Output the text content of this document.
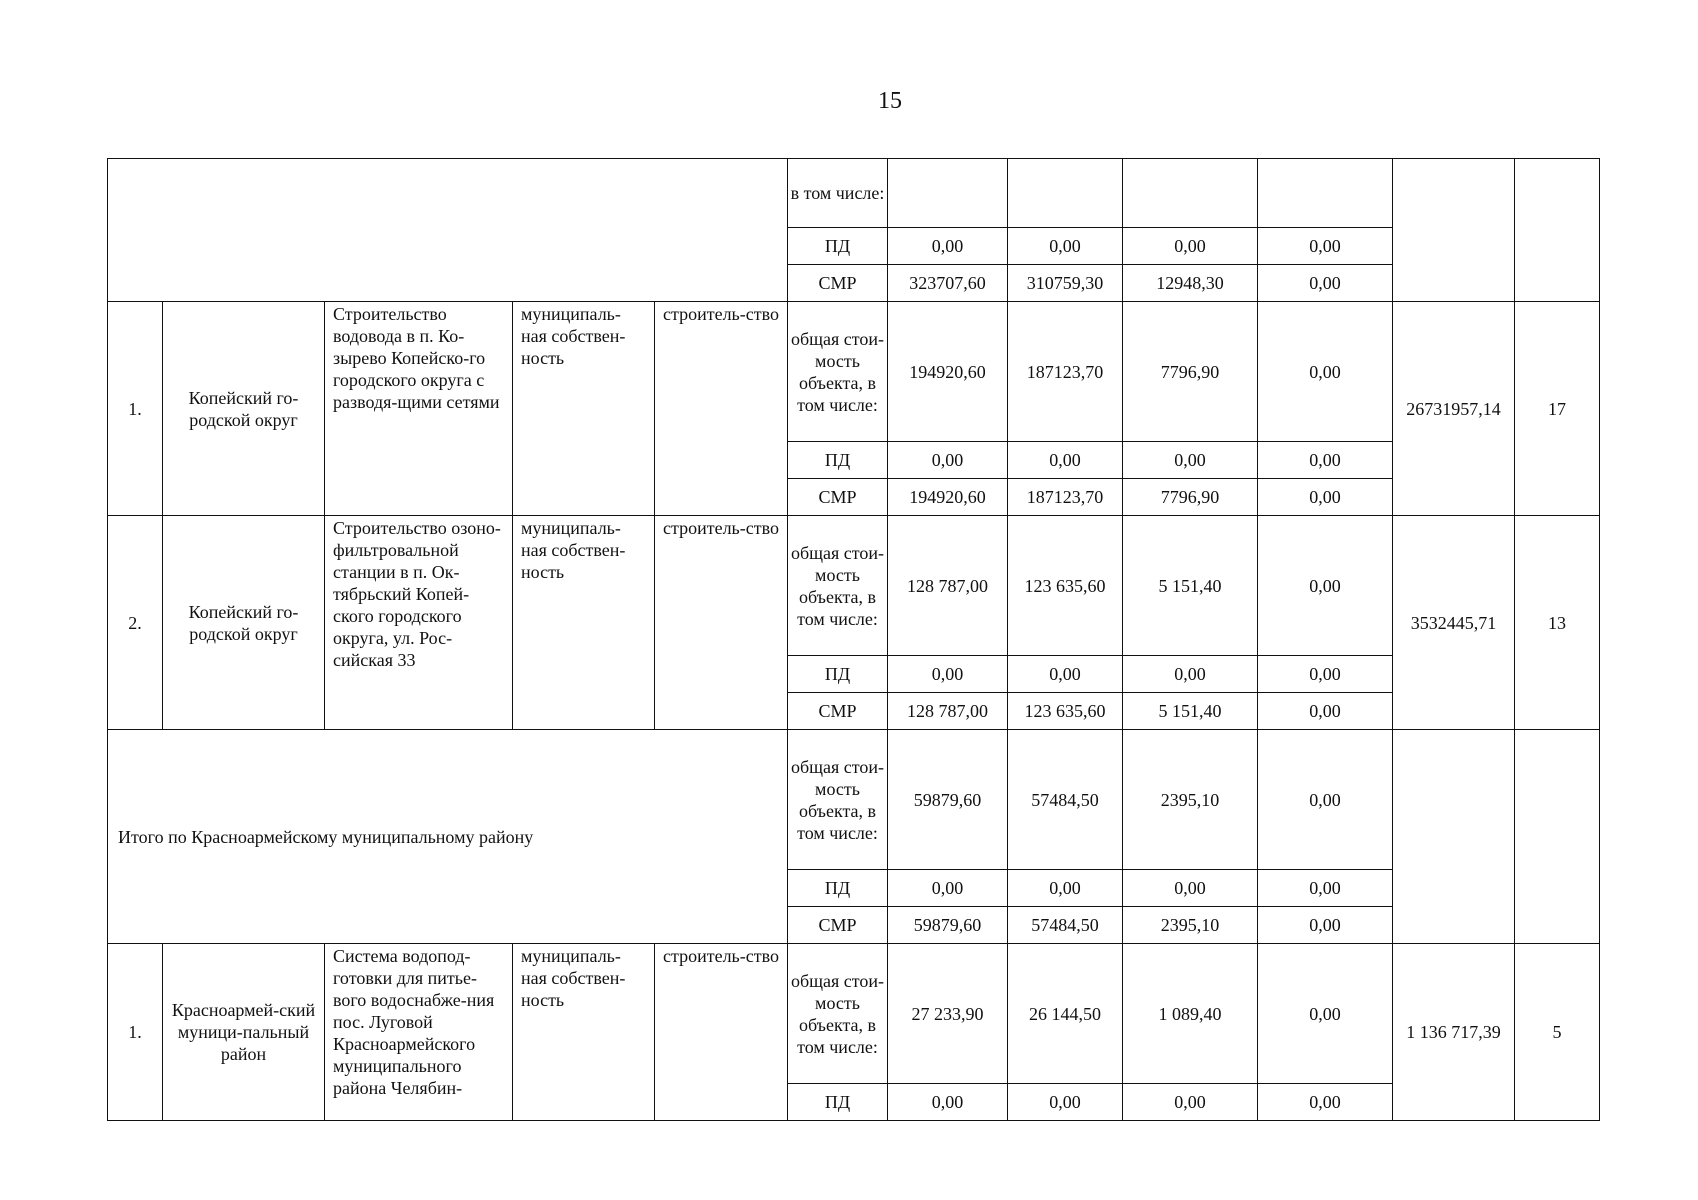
15
					в том числе:						
					ПД	0,00	0,00	0,00	0,00		
					СМР	323707,60	310759,30	12948,30	0,00		
1.	Копейский го-родской округ	Строительство водовода в п. Ко-зырево Копейско-го городского округа с разводя-щими сетями	муниципаль-ная собствен-ность	строитель-ство	общая стои-мость объекта, в том числе:	194920,60	187123,70	7796,90	0,00	26731957,14	17
					ПД	0,00	0,00	0,00	0,00		
					СМР	194920,60	187123,70	7796,90	0,00		
2.	Копейский го-родской округ	Строительство озоно-фильтровальной станции в п. Ок-тябрьский Копей-ского городского округа, ул. Рос-сийская 33	муниципаль-ная собствен-ность	строитель-ство	общая стои-мость объекта, в том числе:	128 787,00	123 635,60	5 151,40	0,00	3532445,71	13
					ПД	0,00	0,00	0,00	0,00		
					СМР	128 787,00	123 635,60	5 151,40	0,00		
Итого по Красноармейскому муниципальному району					общая стои-мость объекта, в том числе:	59879,60	57484,50	2395,10	0,00		
					ПД	0,00	0,00	0,00	0,00		
					СМР	59879,60	57484,50	2395,10	0,00		
1.	Красноармей-ский муници-пальный район	Система водопод-готовки для питье-вого водоснабже-ния пос. Луговой Красноармейского муниципального района Челябин-	муниципаль-ная собствен-ность	строитель-ство	общая стои-мость объекта, в том числе:	27 233,90	26 144,50	1 089,40	0,00	1 136 717,39	5
					ПД	0,00	0,00	0,00	0,00		
